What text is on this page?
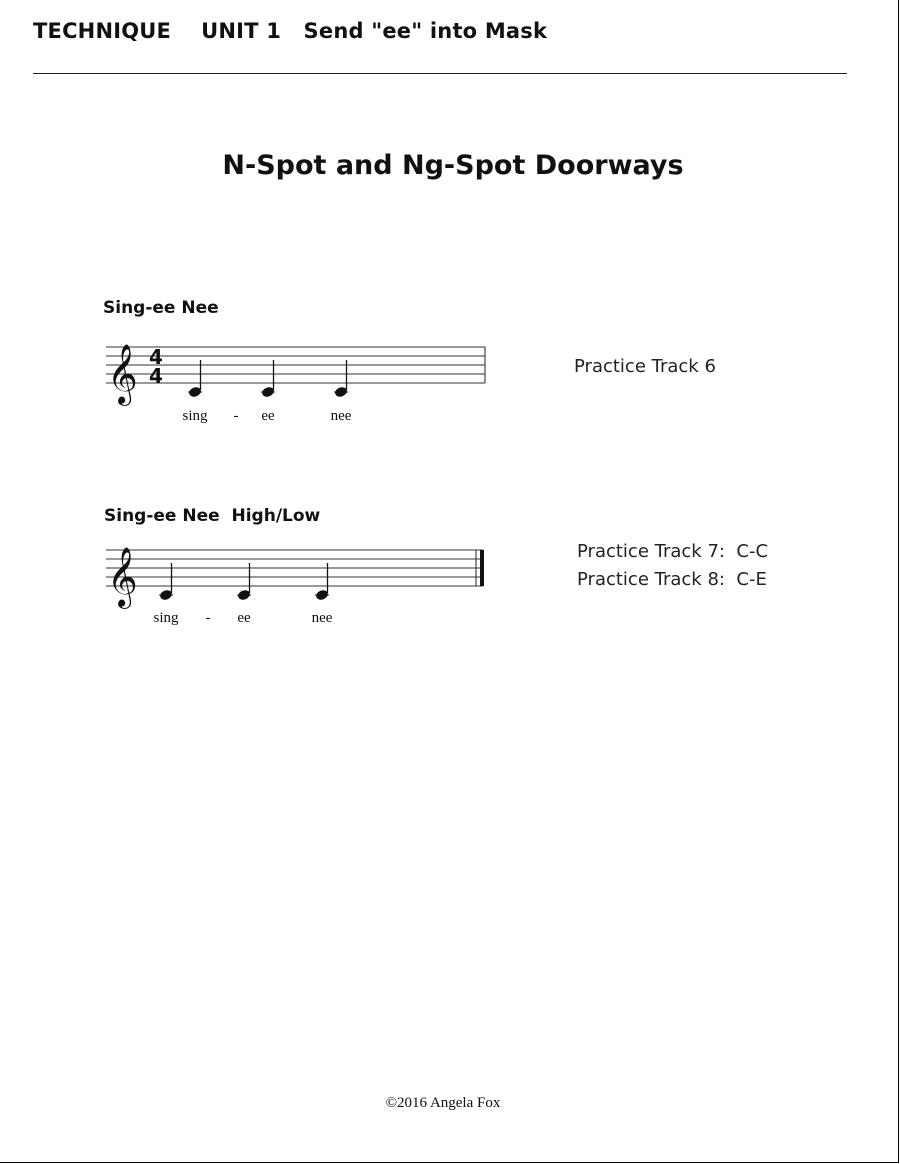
TECHNIQUE    UNIT 1   Send "ee" into Mask
N-Spot and Ng-Spot Doorways
Sing-ee Nee
𝄞 4
4
sing - ee	nee
Practice Track 6
Sing-ee Nee  High/Low
𝄞
sing - ee	nee
Practice Track 7:  C-C
Practice Track 8:  C-E
©2016 Angela Fox
